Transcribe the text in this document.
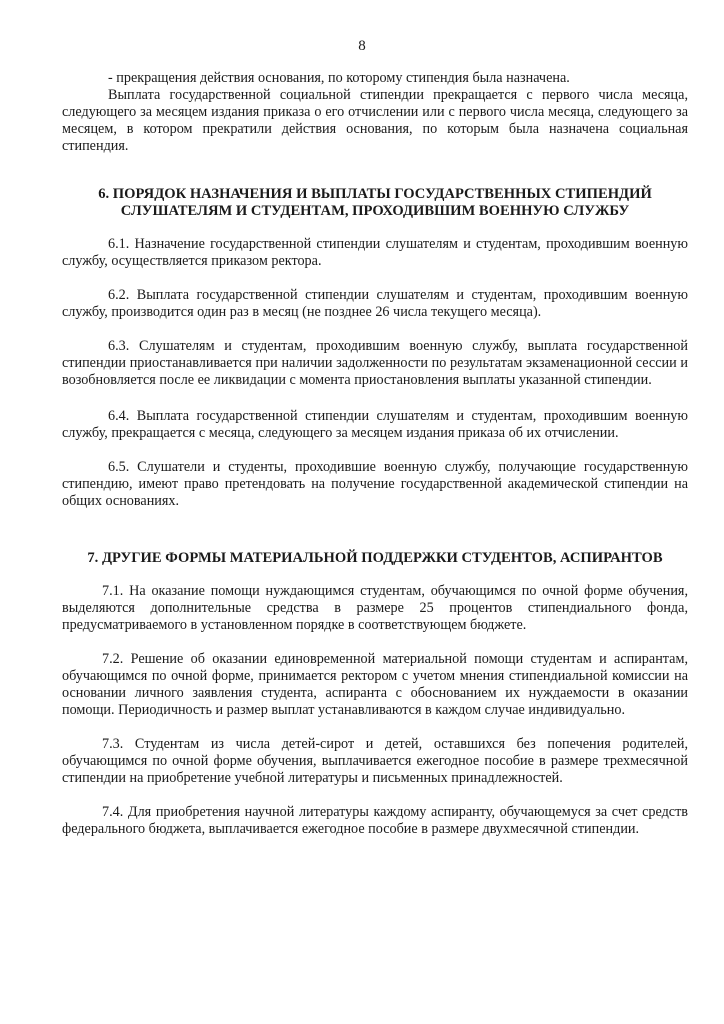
8

- прекращения действия основания, по которому стипендия была назначена.

Выплата государственной социальной стипендии прекращается с первого числа месяца, следующего за месяцем издания приказа о его отчислении или с первого числа месяца, следующего за месяцем, в котором прекратили действия основания, по которым была назначена социальная стипендия.

6. ПОРЯДОК НАЗНАЧЕНИЯ И ВЫПЛАТЫ ГОСУДАРСТВЕННЫХ СТИПЕНДИЙ СЛУШАТЕЛЯМ И СТУДЕНТАМ, ПРОХОДИВШИМ ВОЕННУЮ СЛУЖБУ

6.1. Назначение государственной стипендии слушателям и студентам, проходившим военную службу, осуществляется приказом ректора.

6.2. Выплата государственной стипендии слушателям и студентам, проходившим военную службу, производится один раз в месяц (не позднее 26 числа текущего месяца).

6.3. Слушателям и студентам, проходившим военную службу, выплата государственной стипендии приостанавливается при наличии задолженности по результатам экзаменационной сессии и возобновляется после ее ликвидации с момента приостановления выплаты указанной стипендии.

6.4. Выплата государственной стипендии слушателям и студентам, проходившим военную службу, прекращается с месяца, следующего за месяцем издания приказа об их отчислении.

6.5. Слушатели и студенты, проходившие военную службу, получающие государственную стипендию, имеют право претендовать на получение государственной академической стипендии на общих основаниях.

7. ДРУГИЕ ФОРМЫ МАТЕРИАЛЬНОЙ ПОДДЕРЖКИ СТУДЕНТОВ, АСПИРАНТОВ

7.1. На оказание помощи нуждающимся студентам, обучающимся по очной форме обучения, выделяются дополнительные средства в размере 25 процентов стипендиального фонда, предусматриваемого в установленном порядке в соответствующем бюджете.

7.2. Решение об оказании единовременной материальной помощи студентам и аспирантам, обучающимся по очной форме, принимается ректором с учетом мнения стипендиальной комиссии на основании личного заявления студента, аспиранта с обоснованием их нуждаемости в оказании помощи. Периодичность и размер выплат устанавливаются в каждом случае индивидуально.

7.3. Студентам из числа детей-сирот и детей, оставшихся без попечения родителей, обучающимся по очной форме обучения, выплачивается ежегодное пособие в размере трехмесячной стипендии на приобретение учебной литературы и письменных принадлежностей.

7.4. Для приобретения научной литературы каждому аспиранту, обучающемуся за счет средств федерального бюджета, выплачивается ежегодное пособие в размере двухмесячной стипендии.
